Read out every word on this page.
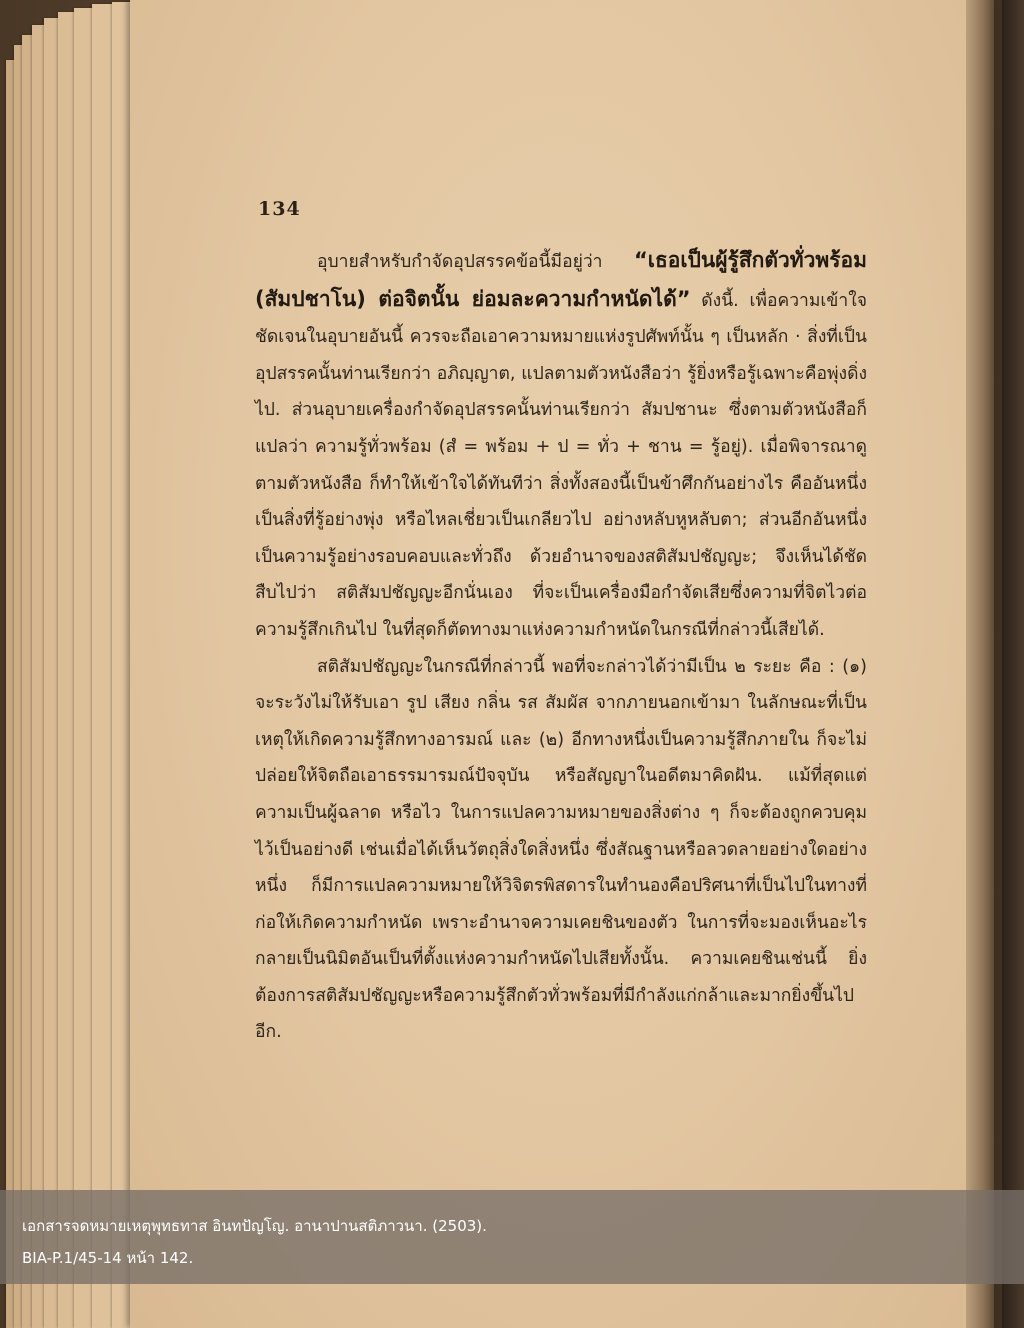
134

อุบายสำหรับกำจัดอุปสรรคข้อนี้มีอยู่ว่า “เธอเป็นผู้รู้สึกตัวทั่วพร้อม (สัมปชาโน) ต่อจิตนั้น ย่อมละความกำหนัดได้” ดังนี้. เพื่อความเข้าใจชัดเจนในอุบายอันนี้ ควรจะถือเอาความหมายแห่งรูปศัพท์นั้น ๆ เป็นหลัก · สิ่งที่เป็นอุปสรรคนั้นท่านเรียกว่า อภิญฺญาต, แปลตามตัวหนังสือว่า รู้ยิ่งหรือรู้เฉพาะคือพุ่งดิ่งไป. ส่วนอุบายเครื่องกำจัดอุปสรรคนั้นท่านเรียกว่า สัมปชานะ ซึ่งตามตัวหนังสือก็แปลว่า ความรู้ทั่วพร้อม (สํ = พร้อม + ป = ทั่ว + ชาน = รู้อยู่). เมื่อพิจารณาดูตามตัวหนังสือ ก็ทำให้เข้าใจได้ทันทีว่า สิ่งทั้งสองนี้เป็นข้าศึกกันอย่างไร คืออันหนึ่งเป็นสิ่งที่รู้อย่างพุ่ง หรือไหลเชี่ยวเป็นเกลียวไป อย่างหลับหูหลับตา; ส่วนอีกอันหนึ่งเป็นความรู้อย่างรอบคอบและทั่วถึง ด้วยอำนาจของสติสัมปชัญญะ; จึงเห็นได้ชัดสืบไปว่า สติสัมปชัญญะอีกนั่นเอง ที่จะเป็นเครื่องมือกำจัดเสียซึ่งความที่จิตไวต่อความรู้สึกเกินไป ในที่สุดก็ตัดทางมาแห่งความกำหนัดในกรณีที่กล่าวนี้เสียได้.

สติสัมปชัญญะในกรณีที่กล่าวนี้ พอที่จะกล่าวได้ว่ามีเป็น ๒ ระยะ คือ : (๑) จะระวังไม่ให้รับเอา รูป เสียง กลิ่น รส สัมผัส จากภายนอกเข้ามา ในลักษณะที่เป็นเหตุให้เกิดความรู้สึกทางอารมณ์ และ (๒) อีกทางหนึ่งเป็นความรู้สึกภายใน ก็จะไม่ปล่อยให้จิตถือเอาธรรมารมณ์ปัจจุบัน หรือสัญญาในอดีตมาคิดฝัน. แม้ที่สุดแต่ความเป็นผู้ฉลาด หรือไว ในการแปลความหมายของสิ่งต่าง ๆ ก็จะต้องถูกควบคุมไว้เป็นอย่างดี เช่นเมื่อได้เห็นวัตถุสิ่งใดสิ่งหนึ่ง ซึ่งสัณฐานหรือลวดลายอย่างใดอย่างหนึ่ง ก็มีการแปลความหมายให้วิจิตรพิสดารในทำนองคือปริศนาที่เป็นไปในทางที่ก่อให้เกิดความกำหนัด เพราะอำนาจความเคยชินของตัว ในการที่จะมองเห็นอะไรกลายเป็นนิมิตอันเป็นที่ตั้งแห่งความกำหนัดไปเสียทั้งนั้น. ความเคยชินเช่นนี้ ยิ่งต้องการสติสัมปชัญญะหรือความรู้สึกตัวทั่วพร้อมที่มีกำลังแก่กล้าและมากยิ่งขึ้นไปอีก.

เอกสารจดหมายเหตุพุทธทาส อินทปัญโญ. อานาปานสติภาวนา. (2503).
BIA-P.1/45-14 หน้า 142.
